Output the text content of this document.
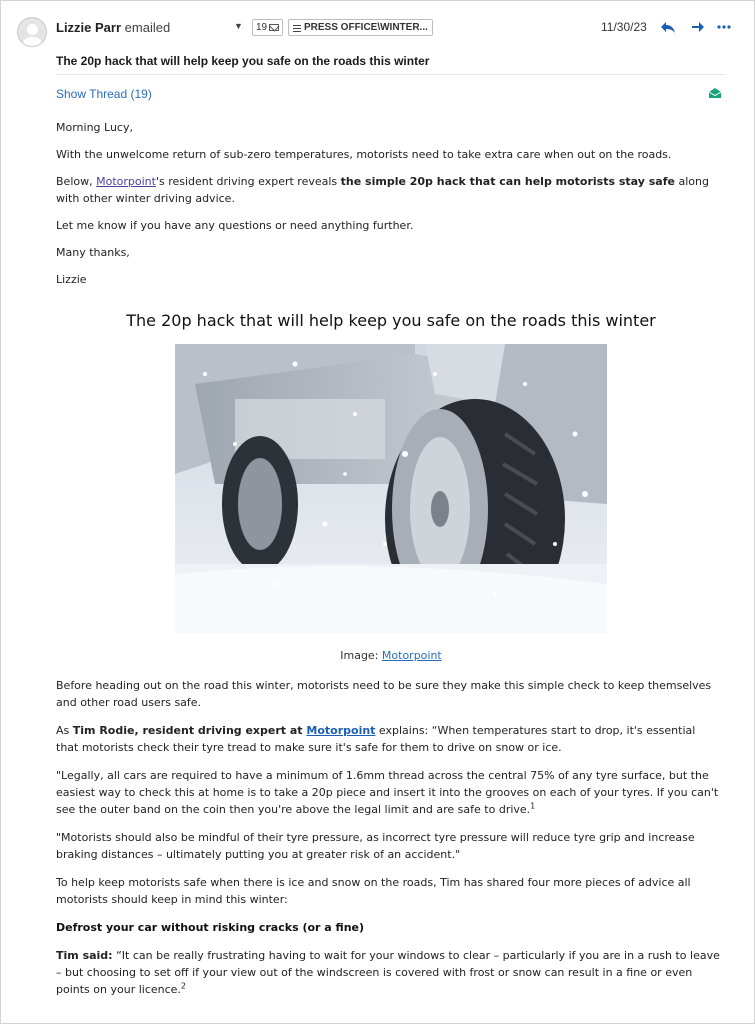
Lizzie Parr emailed	▼ 19	PRESS OFFICE\WINTER...	11/30/23
The 20p hack that will help keep you safe on the roads this winter
Show Thread (19)

Morning Lucy,

With the unwelcome return of sub-zero temperatures, motorists need to take extra care when out on the roads.

Below, Motorpoint's resident driving expert reveals the simple 20p hack that can help motorists stay safe along with other winter driving advice.

Let me know if you have any questions or need anything further.

Many thanks,

Lizzie

The 20p hack that will help keep you safe on the roads this winter
Image: Motorpoint

Before heading out on the road this winter, motorists need to be sure they make this simple check to keep themselves and other road users safe.

As Tim Rodie, resident driving expert at Motorpoint explains: “When temperatures start to drop, it's essential that motorists check their tyre tread to make sure it's safe for them to drive on snow or ice.

"Legally, all cars are required to have a minimum of 1.6mm thread across the central 75% of any tyre surface, but the easiest way to check this at home is to take a 20p piece and insert it into the grooves on each of your tyres. If you can't see the outer band on the coin then you're above the legal limit and are safe to drive.$^1$

"Motorists should also be mindful of their tyre pressure, as incorrect tyre pressure will reduce tyre grip and increase braking distances – ultimately putting you at greater risk of an accident."

To help keep motorists safe when there is ice and snow on the roads, Tim has shared four more pieces of advice all motorists should keep in mind this winter:

Defrost your car without risking cracks (or a fine)

Tim said: “It can be really frustrating having to wait for your windows to clear – particularly if you are in a rush to leave – but choosing to set off if your view out of the windscreen is covered with frost or snow can result in a fine or even points on your licence.$^2$
